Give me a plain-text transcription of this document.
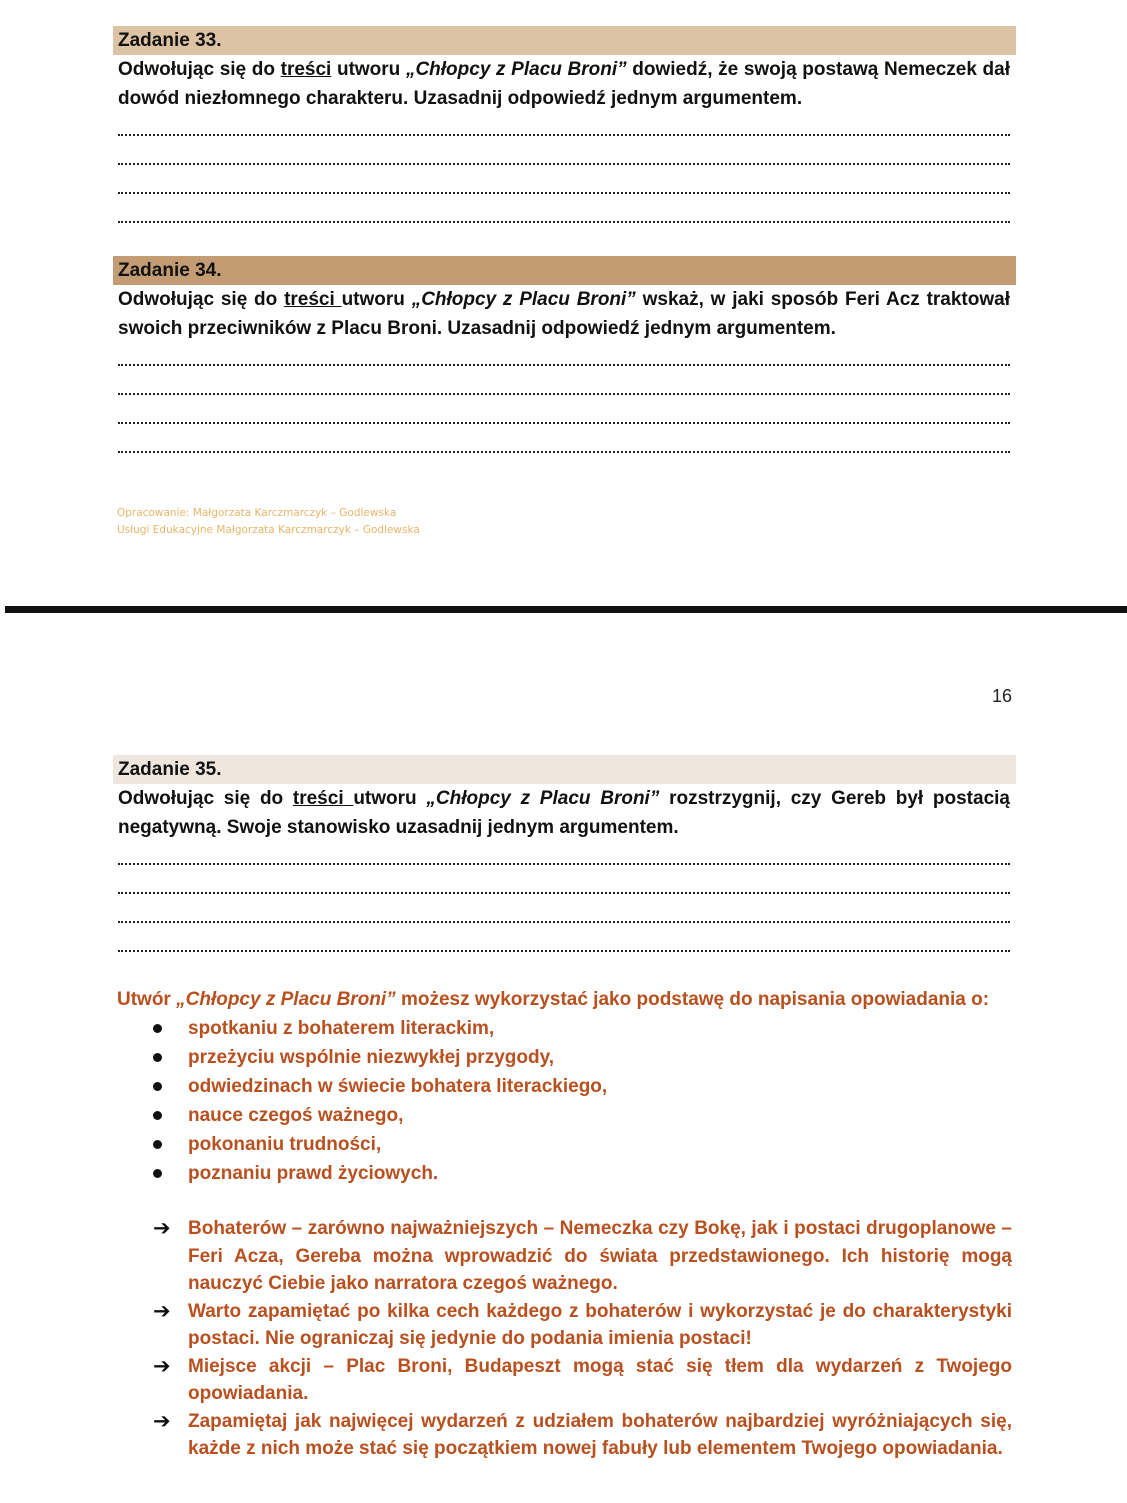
Zadanie 33.
Odwołując się do treści utworu „Chłopcy z Placu Broni” dowiedź, że swoją postawą Nemeczek dał dowód niezłomnego charakteru. Uzasadnij odpowiedź jednym argumentem.
Zadanie 34.
Odwołując się do treści utworu „Chłopcy z Placu Broni” wskaż, w jaki sposób Feri Acz traktował swoich przeciwników z Placu Broni. Uzasadnij odpowiedź jednym argumentem.
Opracowanie: Małgorzata Karczmarczyk – Godlewska
Usługi Edukacyjne Małgorzata Karczmarczyk – Godlewska
16
Zadanie 35.
Odwołując się do treści utworu „Chłopcy z Placu Broni” rozstrzygnij, czy Gereb był postacią negatywną. Swoje stanowisko uzasadnij jednym argumentem.
Utwór „Chłopcy z Placu Broni” możesz wykorzystać jako podstawę do napisania opowiadania o:
spotkaniu z bohaterem literackim,
przeżyciu wspólnie niezwykłej przygody,
odwiedzinach w świecie bohatera literackiego,
nauce czegoś ważnego,
pokonaniu trudności,
poznaniu prawd życiowych.
➔ Bohaterów – zarówno najważniejszych – Nemeczka czy Bokę, jak i postaci drugoplanowe – Feri Acza, Gereba można wprowadzić do świata przedstawionego. Ich historię mogą nauczyć Ciebie jako narratora czegoś ważnego.
➔ Warto zapamiętać po kilka cech każdego z bohaterów i wykorzystać je do charakterystyki postaci. Nie ograniczaj się jedynie do podania imienia postaci!
➔ Miejsce akcji – Plac Broni, Budapeszt mogą stać się tłem dla wydarzeń z Twojego opowiadania.
➔ Zapamiętaj jak najwięcej wydarzeń z udziałem bohaterów najbardziej wyróżniających się, każde z nich może stać się początkiem nowej fabuły lub elementem Twojego opowiadania.
